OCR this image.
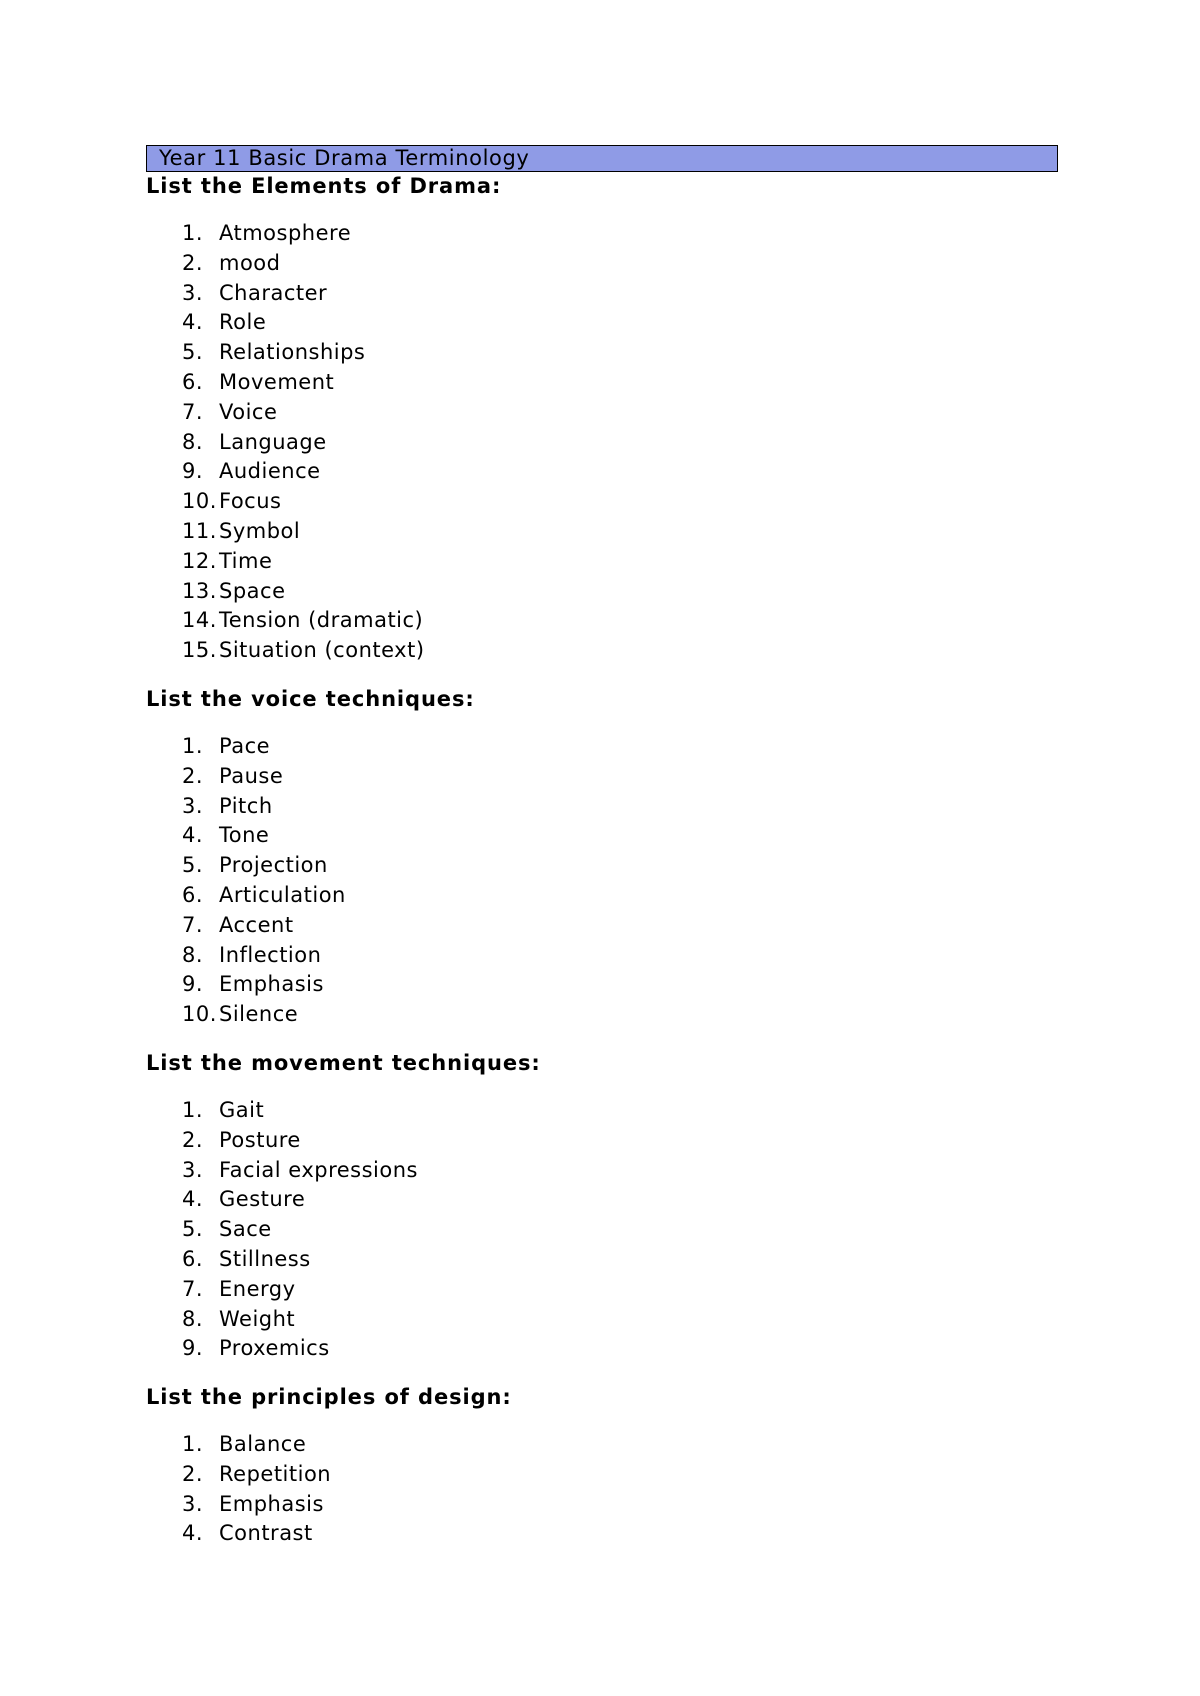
Year 11 Basic Drama Terminology
List the Elements of Drama:
1. Atmosphere
2. mood
3. Character
4. Role
5. Relationships
6. Movement
7. Voice
8. Language
9. Audience
10. Focus
11. Symbol
12. Time
13. Space
14. Tension (dramatic)
15. Situation (context)
List the voice techniques:
1. Pace
2. Pause
3. Pitch
4. Tone
5. Projection
6. Articulation
7. Accent
8. Inflection
9. Emphasis
10. Silence
List the movement techniques:
1. Gait
2. Posture
3. Facial expressions
4. Gesture
5. Sace
6. Stillness
7. Energy
8. Weight
9. Proxemics
List the principles of design:
1. Balance
2. Repetition
3. Emphasis
4. Contrast
